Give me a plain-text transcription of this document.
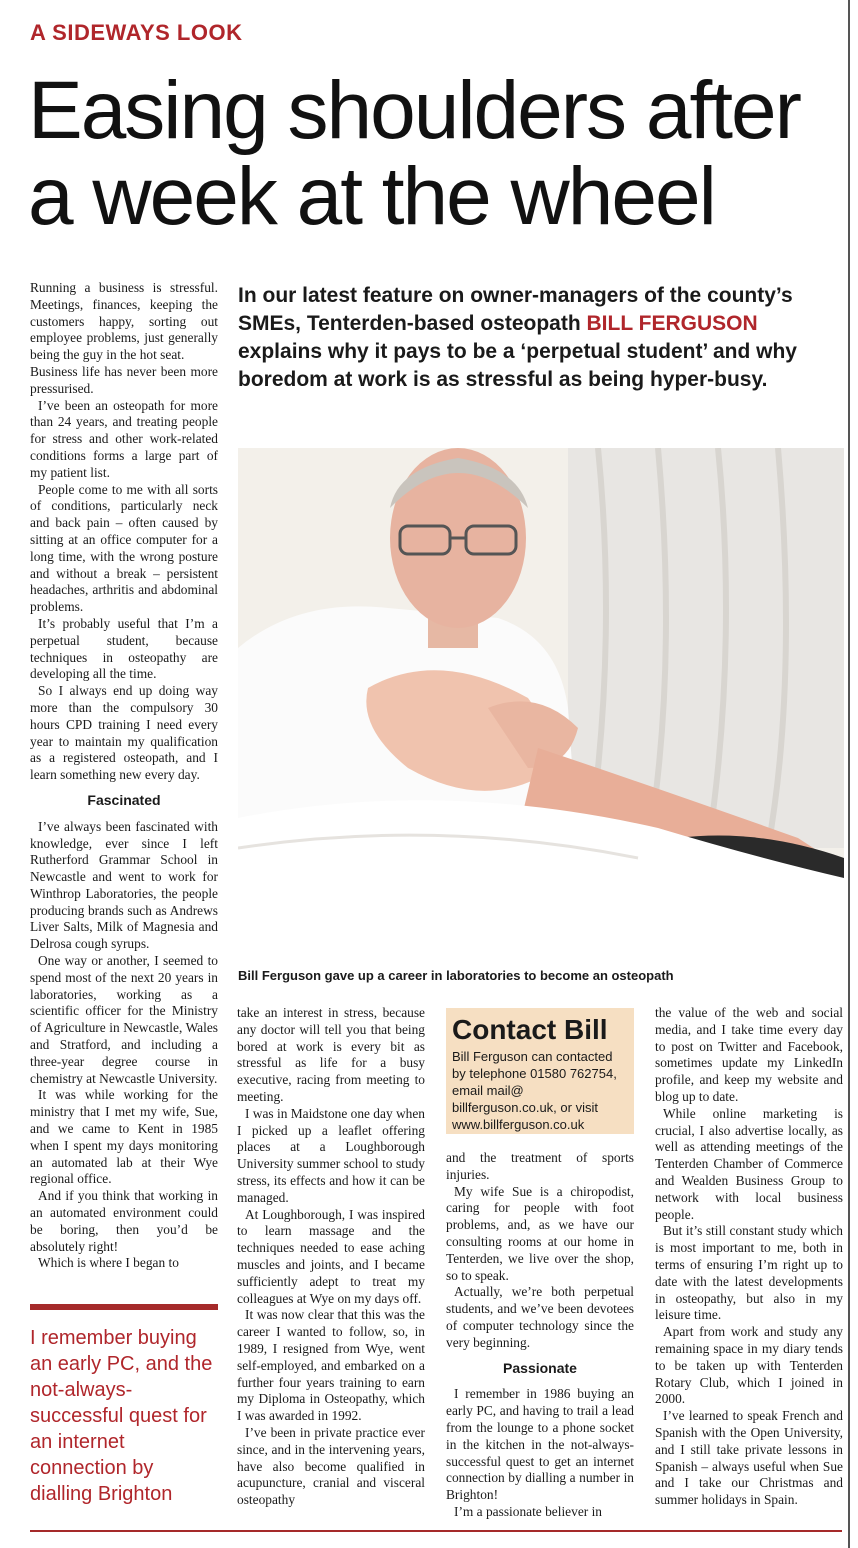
A SIDEWAYS LOOK
Easing shoulders after a week at the wheel
In our latest feature on owner-managers of the county’s SMEs, Tenterden-based osteopath BILL FERGUSON explains why it pays to be a ‘perpetual student’ and why boredom at work is as stressful as being hyper-busy.

Running a business is stressful. Meetings, finances, keeping the customers happy, sorting out employee problems, just generally being the guy in the hot seat.

Business life has never been more pressurised.

I’ve been an osteopath for more than 24 years, and treating people for stress and other work-related conditions forms a large part of my patient list.

People come to me with all sorts of conditions, particularly neck and back pain – often caused by sitting at an office computer for a long time, with the wrong posture and without a break – persistent headaches, arthritis and abdominal problems.

It’s probably useful that I’m a perpetual student, because techniques in osteopathy are developing all the time.

So I always end up doing way more than the compulsory 30 hours CPD training I need every year to maintain my qualification as a registered osteopath, and I learn something new every day.

Fascinated

I’ve always been fascinated with knowledge, ever since I left Rutherford Grammar School in Newcastle and went to work for Winthrop Laboratories, the people producing brands such as Andrews Liver Salts, Milk of Magnesia and Delrosa cough syrups.

One way or another, I seemed to spend most of the next 20 years in laboratories, working as a scientific officer for the Ministry of Agriculture in Newcastle, Wales and Stratford, and including a three-year degree course in chemistry at Newcastle University.

It was while working for the ministry that I met my wife, Sue, and we came to Kent in 1985 when I spent my days monitoring an automated lab at their Wye regional office.

And if you think that working in an automated environment could be boring, then you’d be absolutely right!

Which is where I began to

Bill Ferguson gave up a career in laboratories to become an osteopath
I remember buying an early PC, and the not-always-successful quest for an internet connection by dialling Brighton

take an interest in stress, because any doctor will tell you that being bored at work is every bit as stressful as life for a busy executive, racing from meeting to meeting.

I was in Maidstone one day when I picked up a leaflet offering places at a Loughborough University summer school to study stress, its effects and how it can be managed.

At Loughborough, I was inspired to learn massage and the techniques needed to ease aching muscles and joints, and I became sufficiently adept to treat my colleagues at Wye on my days off.

It was now clear that this was the career I wanted to follow, so, in 1989, I resigned from Wye, went self-employed, and embarked on a further four years training to earn my Diploma in Osteopathy, which I was awarded in 1992.

I’ve been in private practice ever since, and in the intervening years, have also become qualified in acupuncture, cranial and visceral osteopathy

Contact Bill
Bill Ferguson can contacted by telephone 01580 762754, email mail@ billferguson.co.uk, or visit www.billferguson.co.uk

and the treatment of sports injuries.

My wife Sue is a chiropodist, caring for people with foot problems, and, as we have our consulting rooms at our home in Tenterden, we live over the shop, so to speak.

Actually, we’re both perpetual students, and we’ve been devotees of computer technology since the very beginning.

Passionate

I remember in 1986 buying an early PC, and having to trail a lead from the lounge to a phone socket in the kitchen in the not-always-successful quest to get an internet connection by dialling a number in Brighton!

I’m a passionate believer in

the value of the web and social media, and I take time every day to post on Twitter and Facebook, sometimes update my LinkedIn profile, and keep my website and blog up to date.

While online marketing is crucial, I also advertise locally, as well as attending meetings of the Tenterden Chamber of Commerce and Wealden Business Group to network with local business people.

But it’s still constant study which is most important to me, both in terms of ensuring I’m right up to date with the latest developments in osteopathy, but also in my leisure time.

Apart from work and study any remaining space in my diary tends to be taken up with Tenterden Rotary Club, which I joined in 2000.

I’ve learned to speak French and Spanish with the Open University, and I still take private lessons in Spanish – always useful when Sue and I take our Christmas and summer holidays in Spain.
